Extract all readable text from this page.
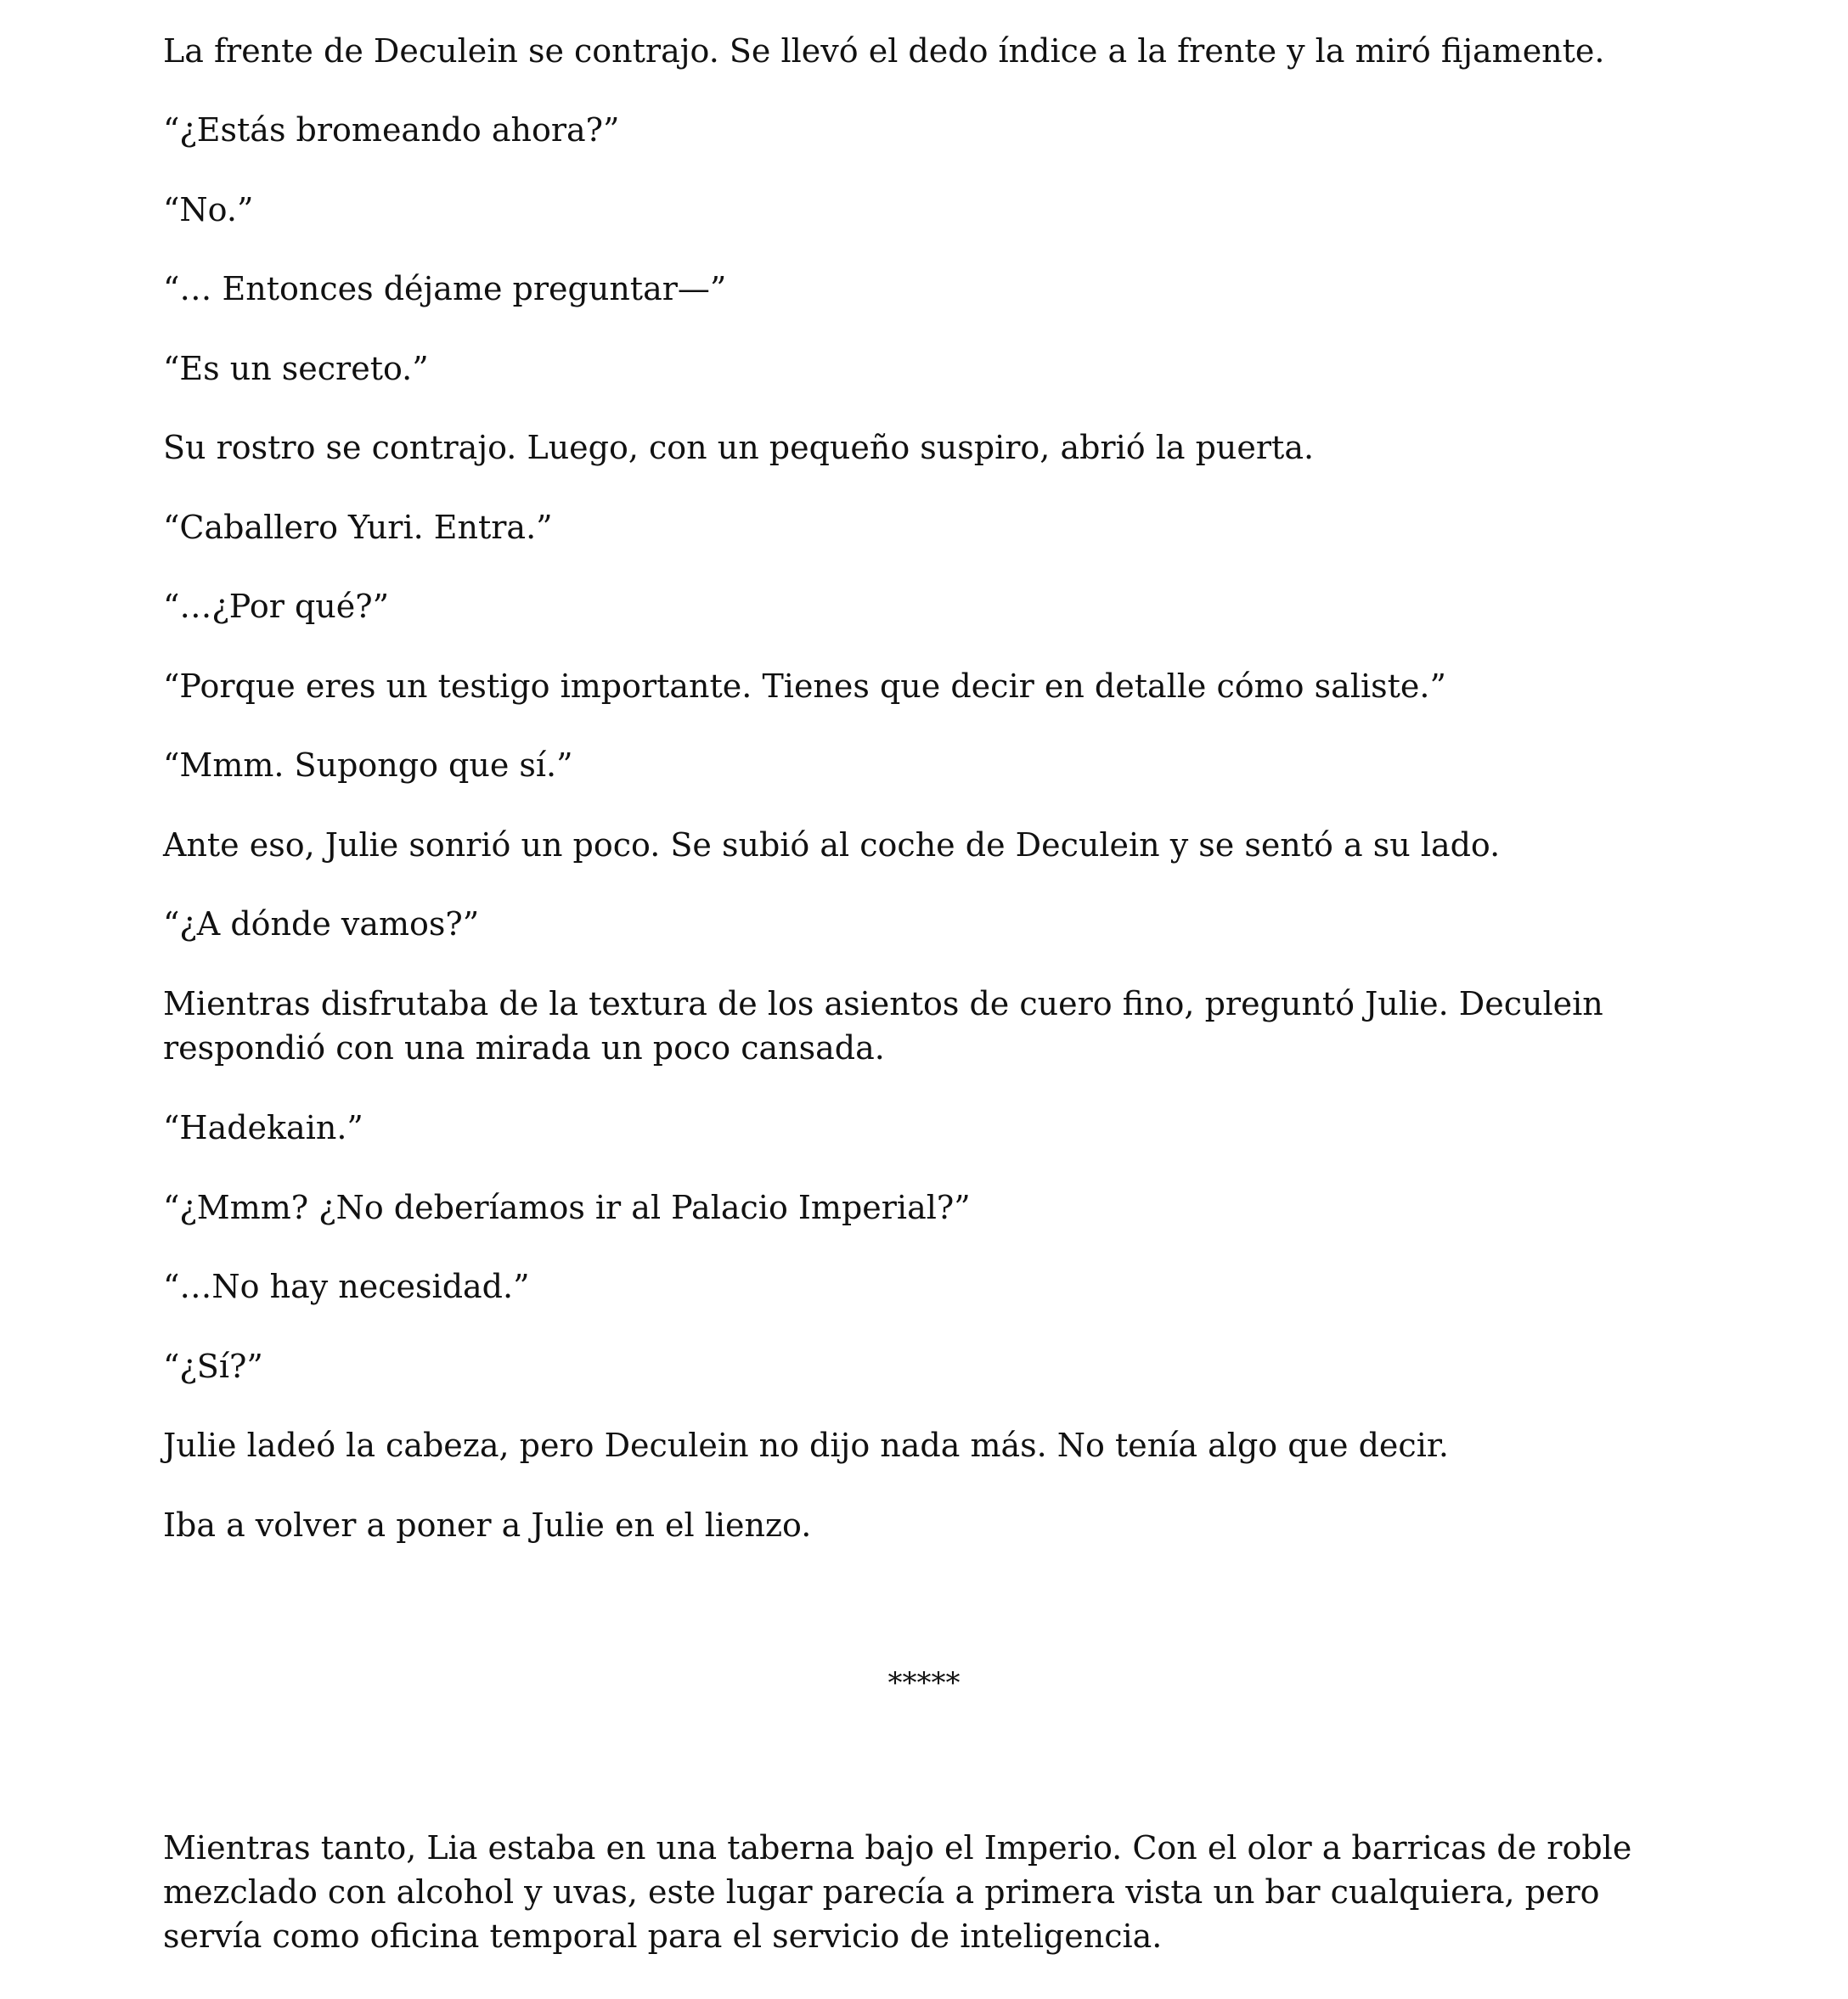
La frente de Deculein se contrajo. Se llevó el dedo índice a la frente y la miró fijamente.

“¿Estás bromeando ahora?”

“No.”

“… Entonces déjame preguntar—”

“Es un secreto.”

Su rostro se contrajo. Luego, con un pequeño suspiro, abrió la puerta.

“Caballero Yuri. Entra.”

“…¿Por qué?”

“Porque eres un testigo importante. Tienes que decir en detalle cómo saliste.”

“Mmm. Supongo que sí.”

Ante eso, Julie sonrió un poco. Se subió al coche de Deculein y se sentó a su lado.

“¿A dónde vamos?”

Mientras disfrutaba de la textura de los asientos de cuero fino, preguntó Julie. Deculein respondió con una mirada un poco cansada.

“Hadekain.”

“¿Mmm? ¿No deberíamos ir al Palacio Imperial?”

“…No hay necesidad.”

“¿Sí?”

Julie ladeó la cabeza, pero Deculein no dijo nada más. No tenía algo que decir.

Iba a volver a poner a Julie en el lienzo.

*****

Mientras tanto, Lia estaba en una taberna bajo el Imperio. Con el olor a barricas de roble mezclado con alcohol y uvas, este lugar parecía a primera vista un bar cualquiera, pero servía como oficina temporal para el servicio de inteligencia.
